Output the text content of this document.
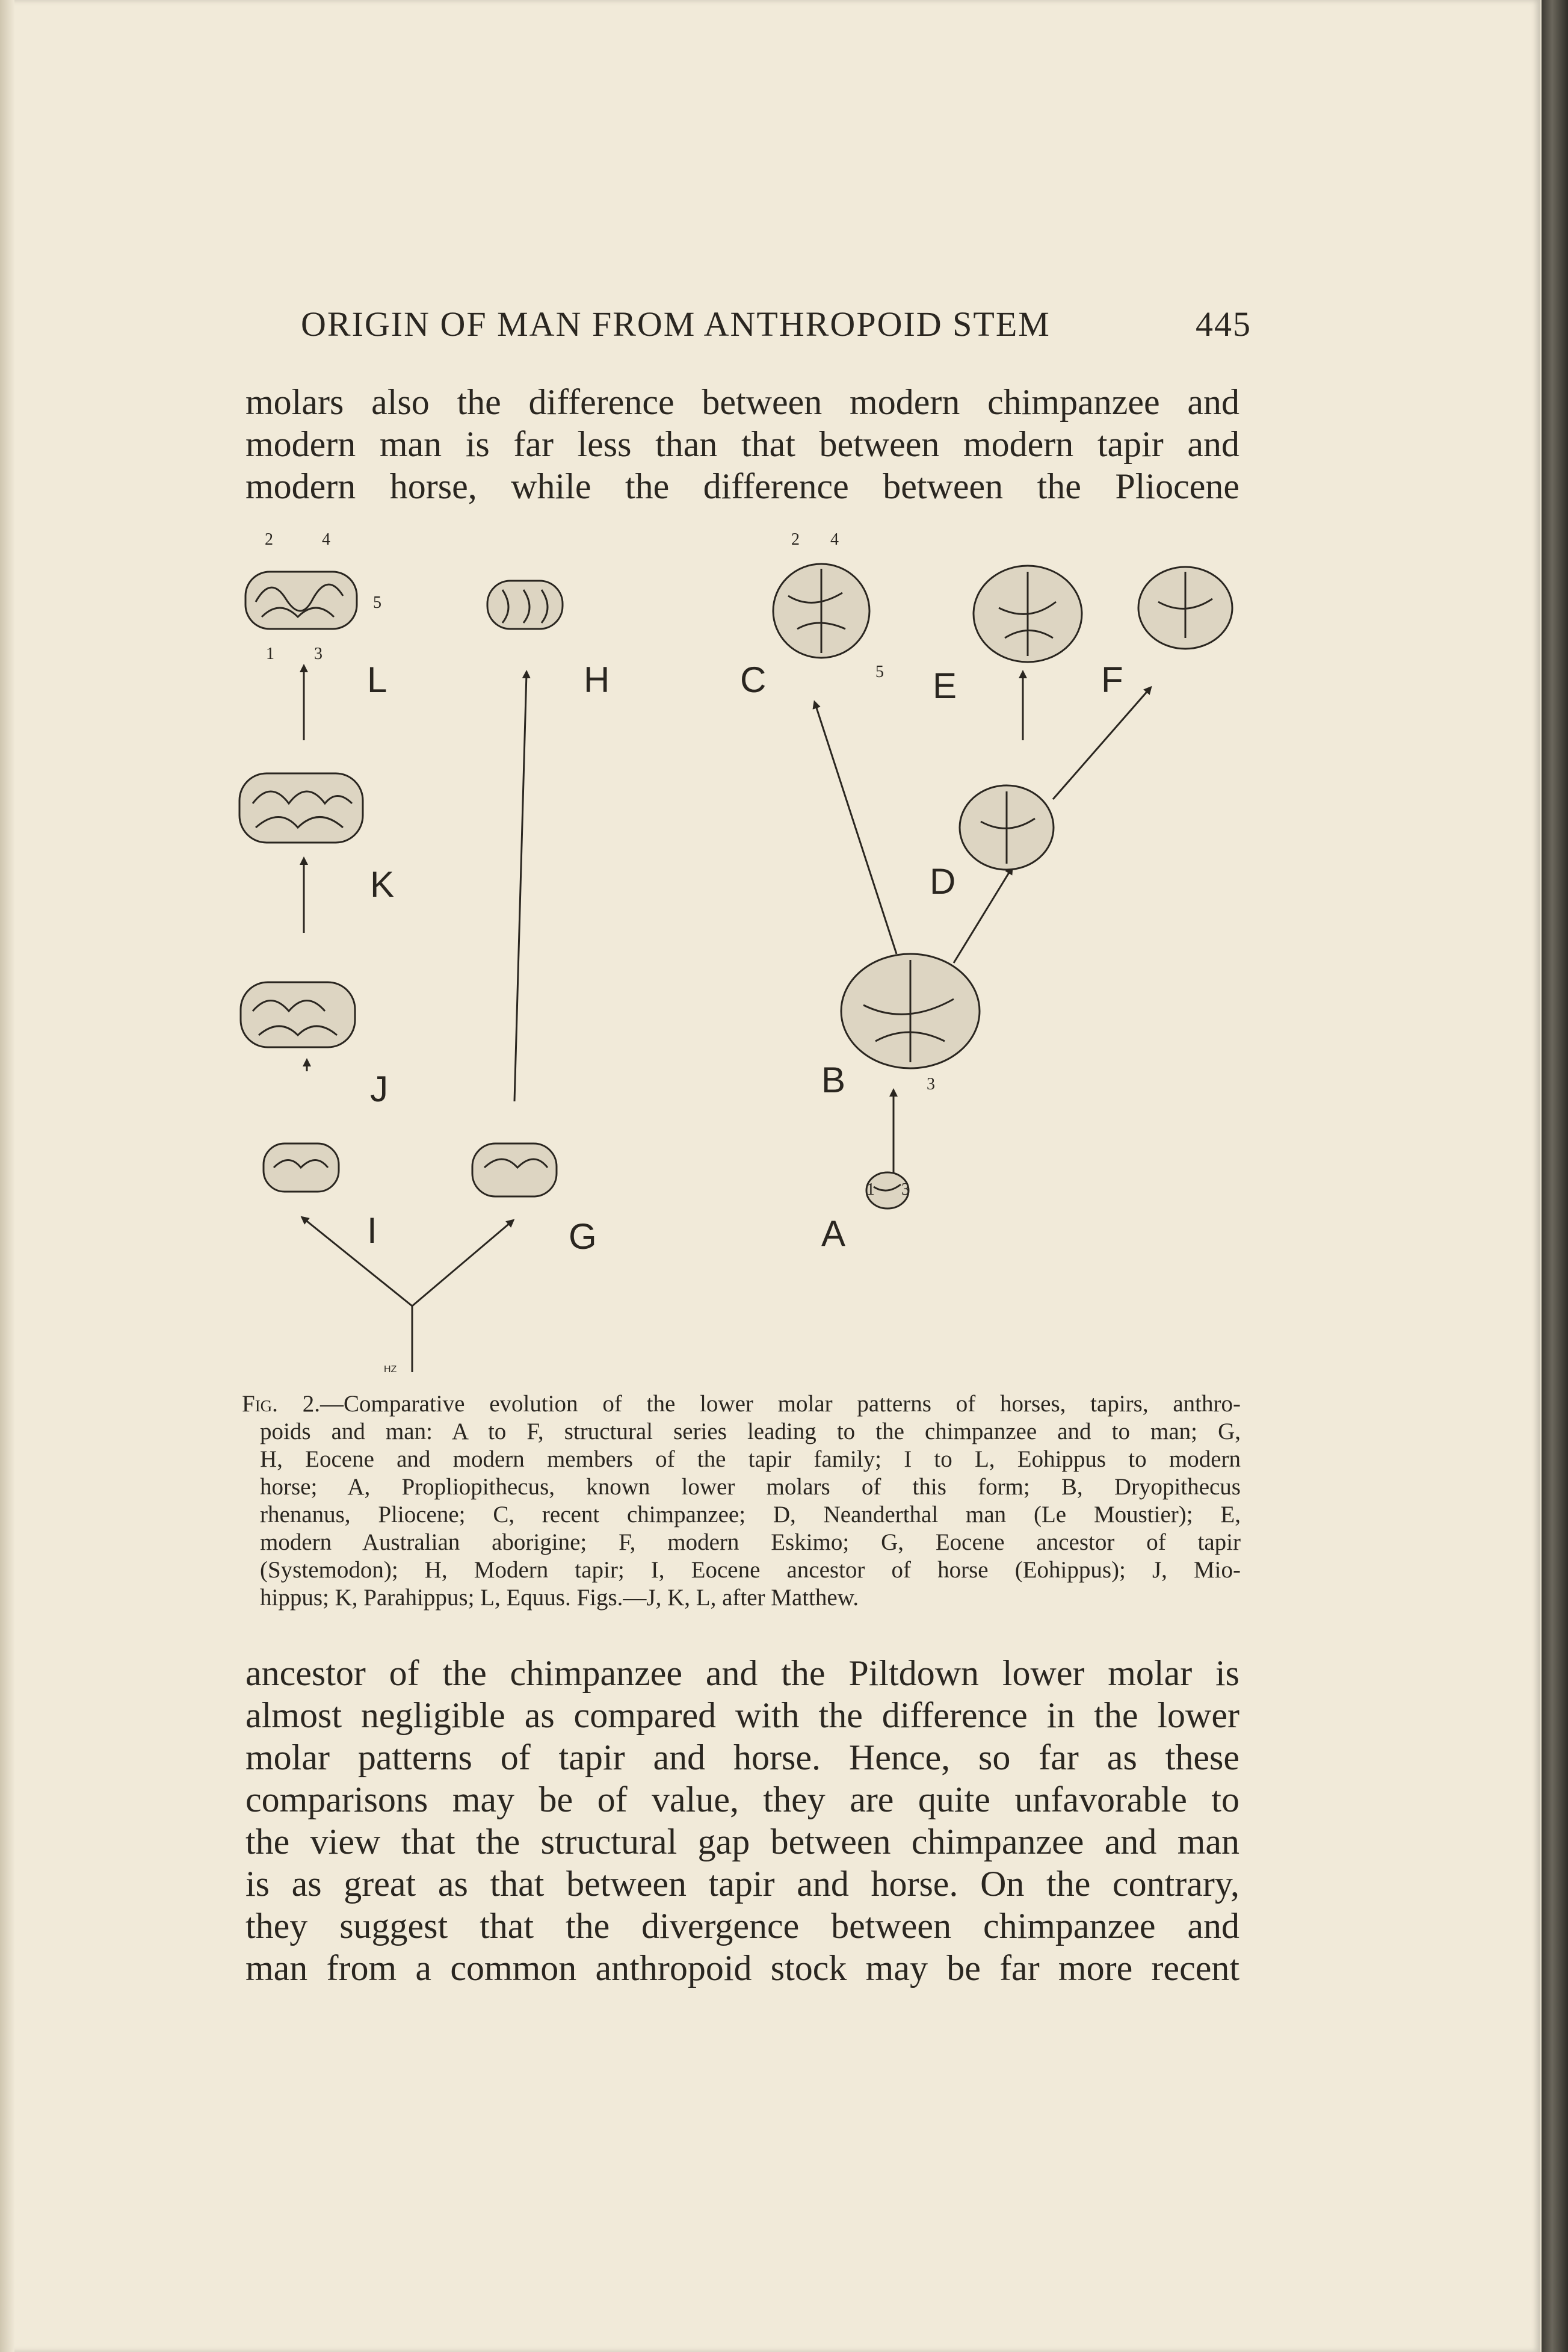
ORIGIN OF MAN FROM ANTHROPOID STEM	445
molars also the difference between modern chimpanzee and
modern man is far less than that between modern tapir and
modern horse, while the difference between the Pliocene
L	H	C	E	F
K	D
J	B
I	G	A
2	4
5
1 3
2 4
5
1 3
3
HZ
Fig. 2.—Comparative evolution of the lower molar patterns of horses, tapirs, anthro-
poids and man: A to F, structural series leading to the chimpanzee and to man; G,
H, Eocene and modern members of the tapir family; I to L, Eohippus to modern
horse; A, Propliopithecus, known lower molars of this form; B, Dryopithecus
rhenanus, Pliocene; C, recent chimpanzee; D, Neanderthal man (Le Moustier); E,
modern Australian aborigine; F, modern Eskimo; G, Eocene ancestor of tapir
(Systemodon); H, Modern tapir; I, Eocene ancestor of horse (Eohippus); J, Mio-
hippus; K, Parahippus; L, Equus. Figs.—J, K, L, after Matthew.
ancestor of the chimpanzee and the Piltdown lower molar is
almost negligible as compared with the difference in the lower
molar patterns of tapir and horse. Hence, so far as these
comparisons may be of value, they are quite unfavorable to
the view that the structural gap between chimpanzee and man
is as great as that between tapir and horse. On the contrary,
they suggest that the divergence between chimpanzee and
man from a common anthropoid stock may be far more recent
